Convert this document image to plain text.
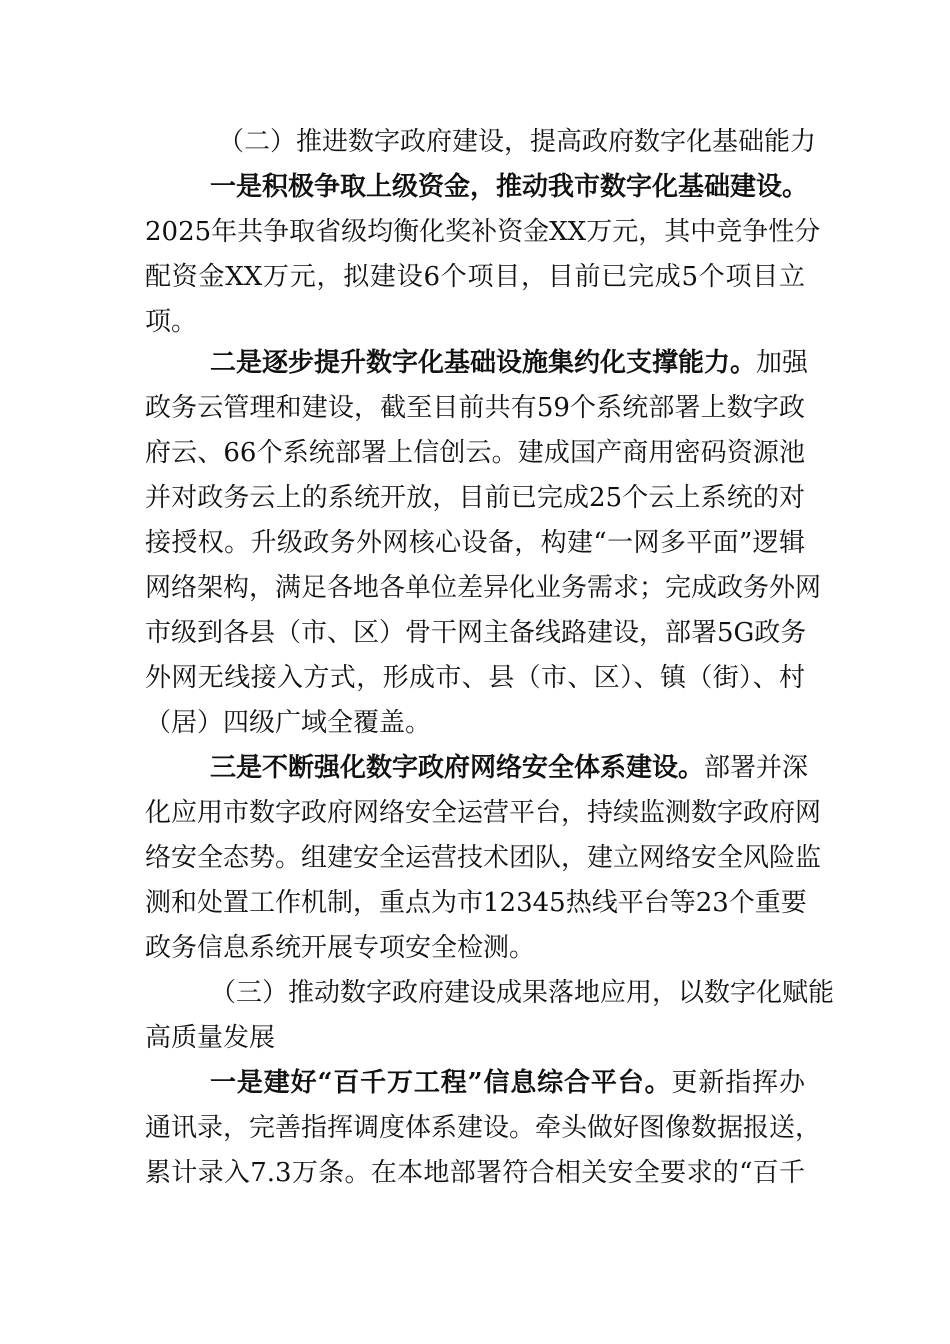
（二）推进数字政府建设，提高政府数字化基础能力
一是积极争取上级资金，推动我市数字化基础建设。
2025年共争取省级均衡化奖补资金XX万元，其中竞争性分
配资金XX万元，拟建设6个项目，目前已完成5个项目立
项。
二是逐步提升数字化基础设施集约化支撑能力。加强
政务云管理和建设，截至目前共有59个系统部署上数字政
府云、66个系统部署上信创云。建成国产商用密码资源池
并对政务云上的系统开放，目前已完成25个云上系统的对
接授权。升级政务外网核心设备，构建“一网多平面”逻辑
网络架构，满足各地各单位差异化业务需求；完成政务外网
市级到各县（市、区）骨干网主备线路建设，部署5G政务
外网无线接入方式，形成市、县（市、区）、镇（街）、村
（居）四级广域全覆盖。
三是不断强化数字政府网络安全体系建设。部署并深
化应用市数字政府网络安全运营平台，持续监测数字政府网
络安全态势。组建安全运营技术团队，建立网络安全风险监
测和处置工作机制，重点为市12345热线平台等23个重要
政务信息系统开展专项安全检测。
（三）推动数字政府建设成果落地应用，以数字化赋能
高质量发展
一是建好“百千万工程”信息综合平台。更新指挥办
通讯录，完善指挥调度体系建设。牵头做好图像数据报送，
累计录入7.3万条。在本地部署符合相关安全要求的“百千
